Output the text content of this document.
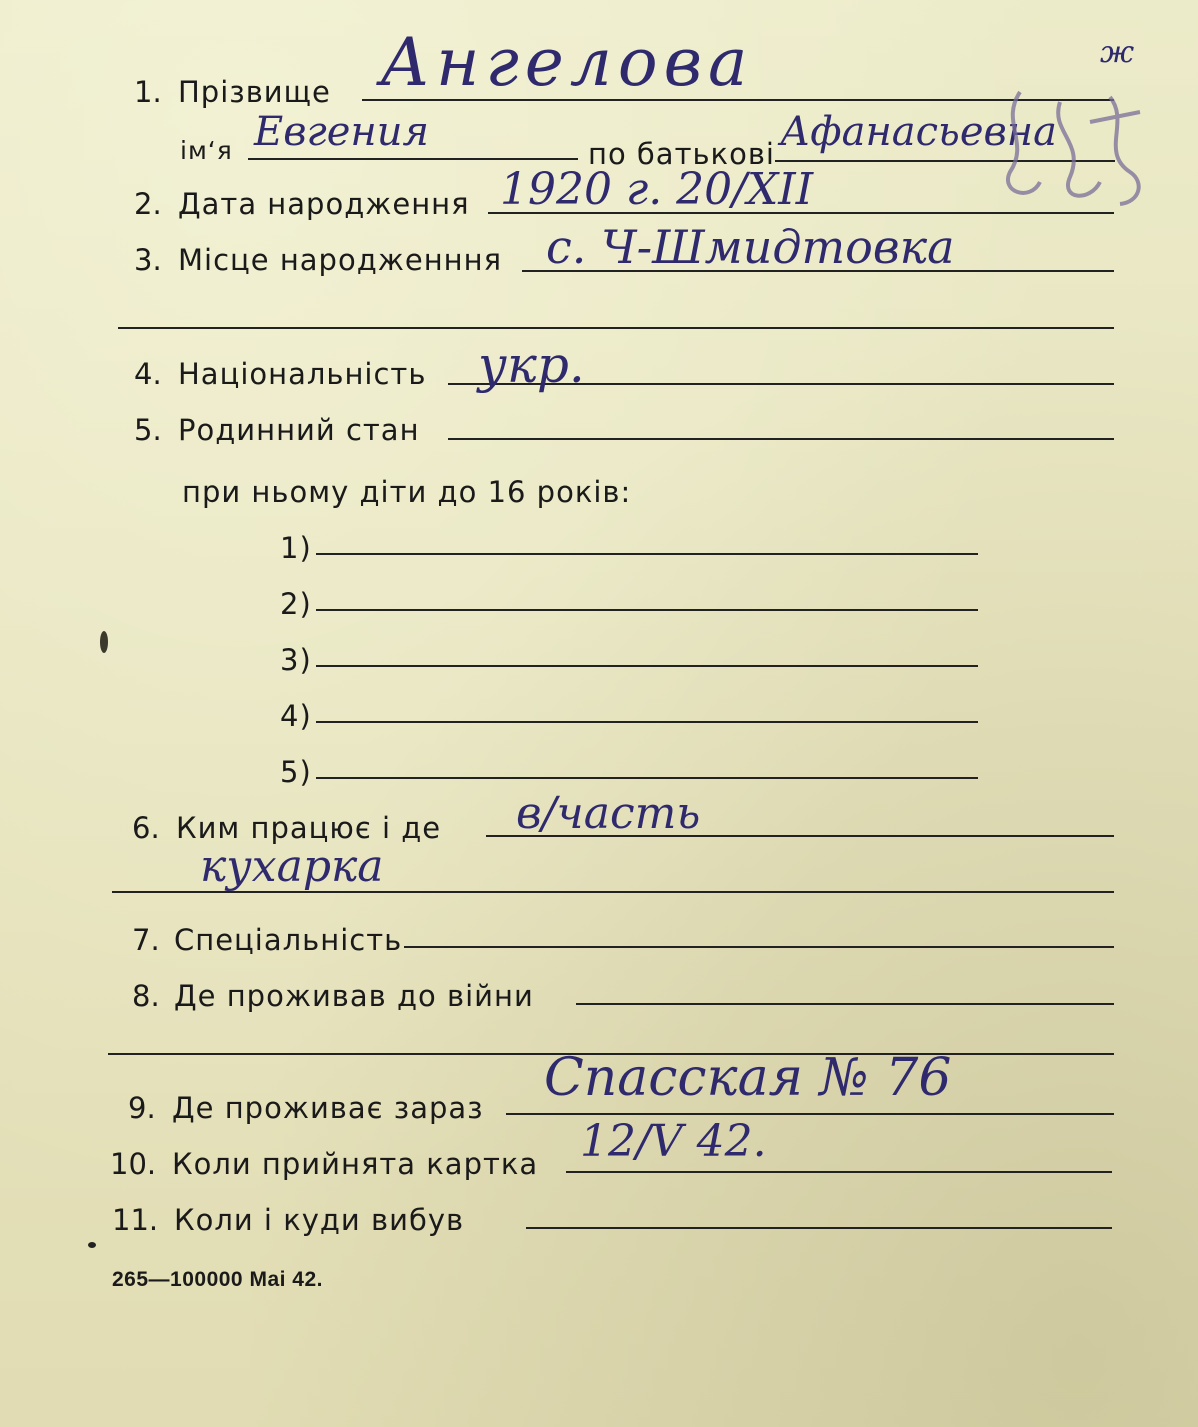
1. Прізвище Ангелова	ж
ім‘я Евгения	по батькові Афанасьевна
2. Дата народження 1920 г. 20/XII
3. Місце народженння с. Ч-Шмидтовка
4. Національність укр.
5. Родинний стан
при ньому діти до 16 років:
1)
2)
3)
4)
5)
6. Ким працює і де в/часть
кухарка
7. Спеціальність
8. Де проживав до війни
9. Де проживає зараз Спасская № 76
10. Коли прийнята картка 12/V 42.
11. Коли і куди вибув
265—100000 Mai 42.
